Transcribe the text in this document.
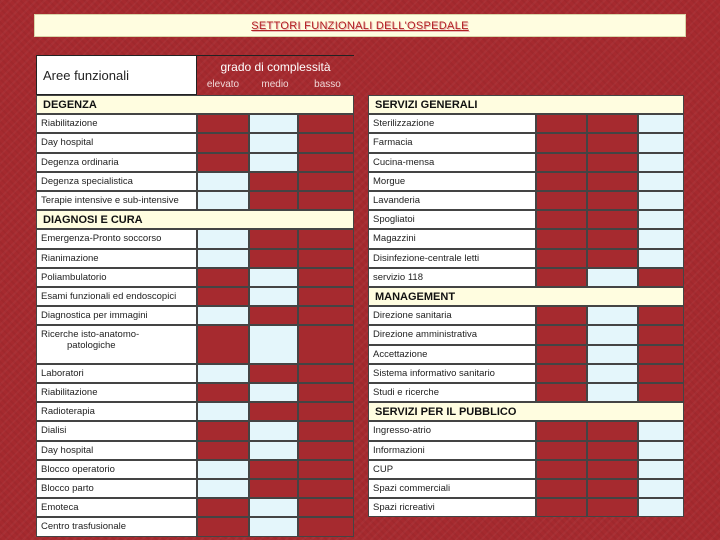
SETTORI FUNZIONALI DELL'OSPEDALE
Aree funzionali
grado di complessità
elevato	medio	basso
DEGENZA
Riabilitazione
Day hospital
Degenza ordinaria
Degenza specialistica
Terapie intensive e sub-intensive
DIAGNOSI E CURA
Emergenza-Pronto soccorso
Rianimazione
Poliambulatorio
Esami funzionali ed endoscopici
Diagnostica per immagini
Ricerche isto-anatomo-
patologiche
Laboratori
Riabilitazione
Radioterapia
Dialisi
Day hospital
Blocco operatorio
Blocco parto
Emoteca
Centro trasfusionale
SERVIZI GENERALI
Sterilizzazione
Farmacia
Cucina-mensa
Morgue
Lavanderia
Spogliatoi
Magazzini
Disinfezione-centrale letti
servizio 118
MANAGEMENT
Direzione sanitaria
Direzione amministrativa
Accettazione
Sistema informativo sanitario
Studi e ricerche
SERVIZI PER IL PUBBLICO
Ingresso-atrio
Informazioni
CUP
Spazi commerciali
Spazi ricreativi
